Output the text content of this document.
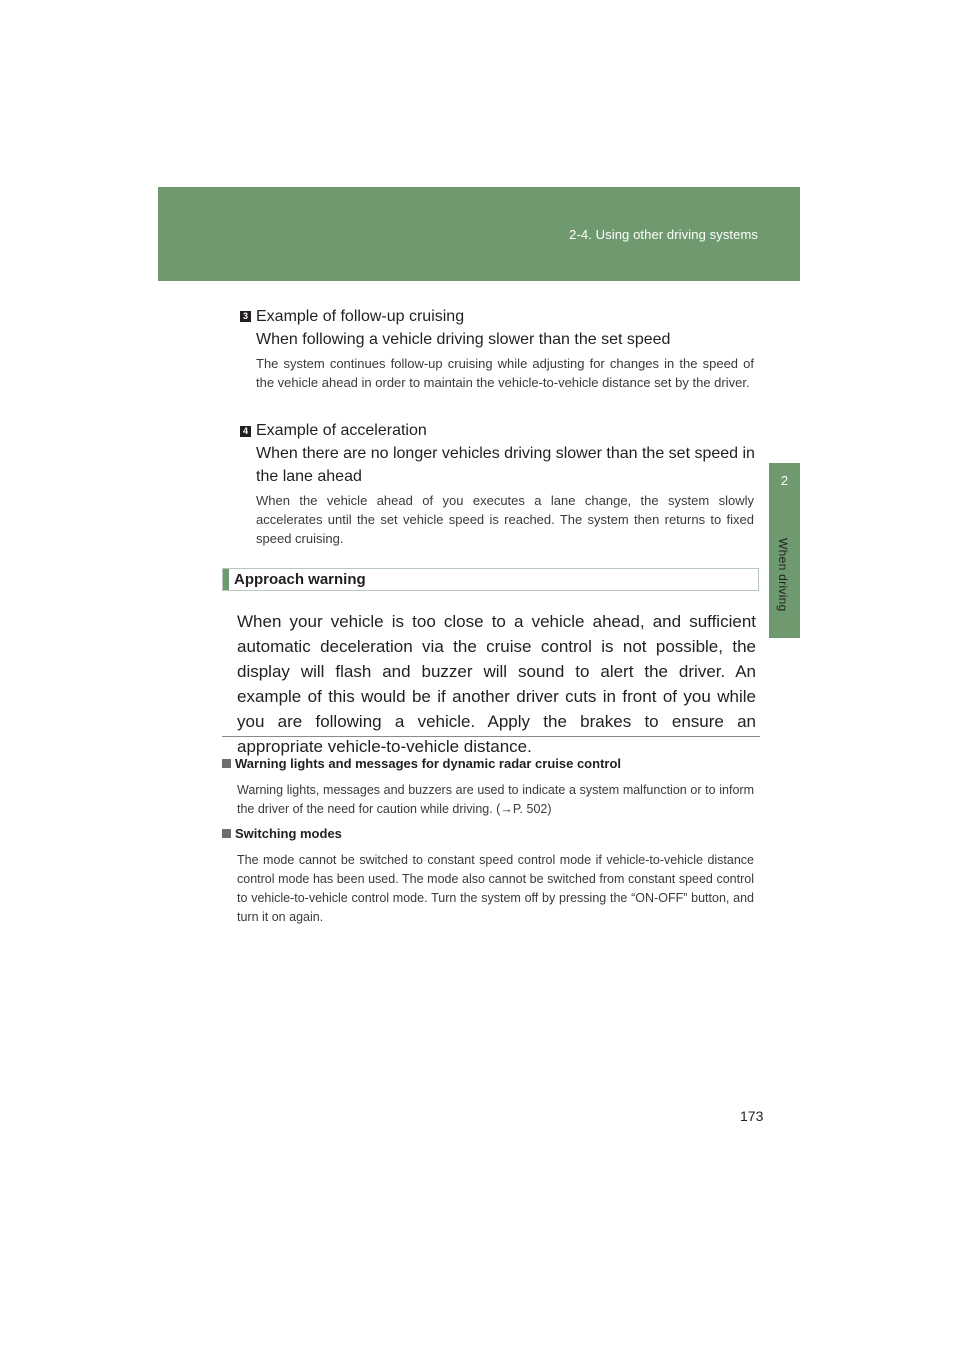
2-4. Using other driving systems
2
When driving
3 Example of follow-up cruising
When following a vehicle driving slower than the set speed
The system continues follow-up cruising while adjusting for changes in the speed of the vehicle ahead in order to maintain the vehicle-to-vehicle distance set by the driver.
4 Example of acceleration
When there are no longer vehicles driving slower than the set speed in the lane ahead
When the vehicle ahead of you executes a lane change, the system slowly accelerates until the set vehicle speed is reached. The system then returns to fixed speed cruising.
Approach warning
When your vehicle is too close to a vehicle ahead, and sufficient automatic deceleration via the cruise control is not possible, the display will flash and buzzer will sound to alert the driver. An example of this would be if another driver cuts in front of you while you are following a vehicle. Apply the brakes to ensure an appropriate vehicle-to-vehicle distance.
Warning lights and messages for dynamic radar cruise control
Warning lights, messages and buzzers are used to indicate a system malfunction or to inform the driver of the need for caution while driving. (→P. 502)
Switching modes
The mode cannot be switched to constant speed control mode if vehicle-to-vehicle distance control mode has been used. The mode also cannot be switched from constant speed control to vehicle-to-vehicle control mode. Turn the system off by pressing the “ON-OFF” button, and turn it on again.
173
